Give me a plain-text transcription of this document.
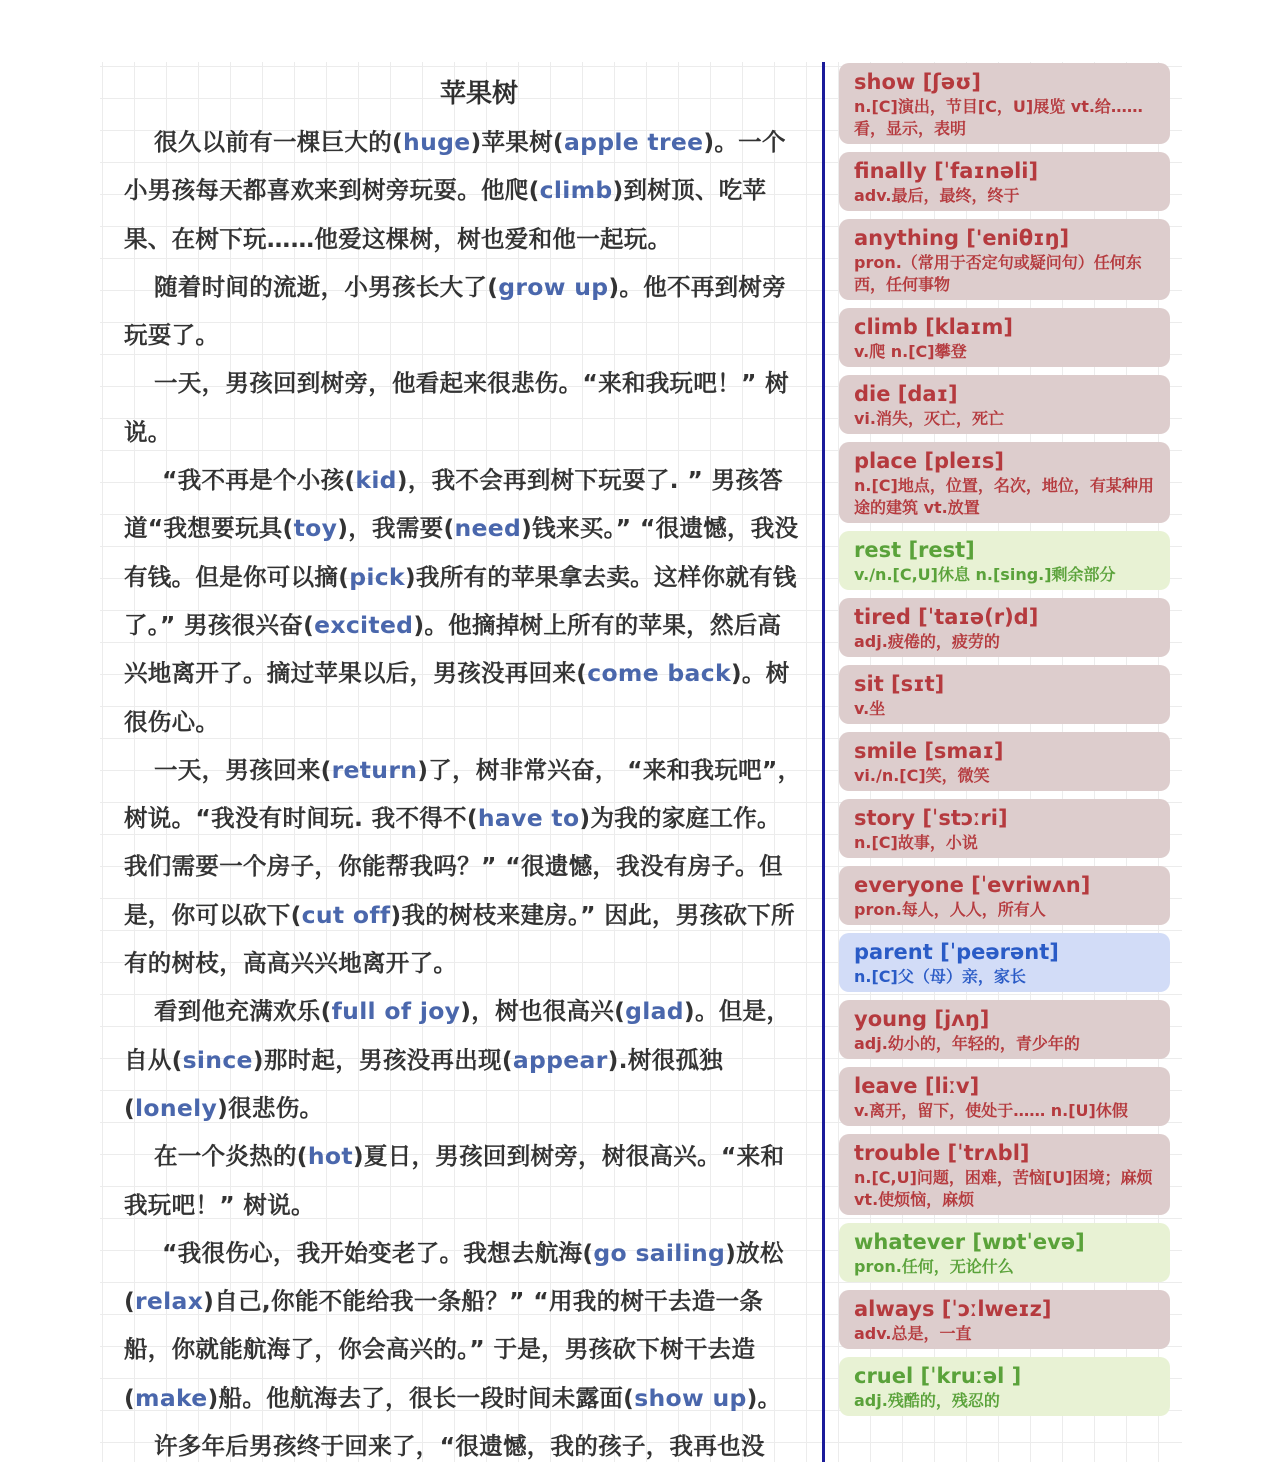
苹果树

很久以前有一棵巨大的(huge)苹果树(apple tree)。一个小男孩每天都喜欢来到树旁玩耍。他爬(climb)到树顶、吃苹果、在树下玩……他爱这棵树，树也爱和他一起玩。

随着时间的流逝，小男孩长大了(grow up)。他不再到树旁玩耍了。

一天，男孩回到树旁，他看起来很悲伤。“来和我玩​吧！” 树说。

“我不再是个小孩(kid)，我不会再到树下玩耍了. ” 男孩答道“我想要玩具(toy)，我需要(need)钱来买。” “很遗憾，我没有钱。但是你可以摘(pick)我所有的苹果拿去卖。这样你就有钱了。” 男孩很兴奋(excited)。他摘掉树上所有的苹果，然后高兴地离开了。摘过苹果以后，男孩没再回来(come back)。树很伤心。

一天，男孩回来(return)了，树非常兴奋， “来和我玩吧”，树说。“我没有时间玩. 我不得不(have to)为我的家庭工作。我们需要一个房子，你能帮我吗？” “很遗憾，我没有房子。但是，你可以砍下(cut off)我的树枝来建房。” 因此，男孩砍下所有的树枝，高高兴兴地离开了。

看到他充满欢乐(full of joy)，树也很高兴(glad)。但是，自从(since)那时起，男孩没再出现(appear).树很孤独(lonely)很悲伤。

在一个炎热的(hot)夏日，男孩回到树旁，树很高兴。“来和我玩吧！” 树说。

“我很伤心，我开始变老了。我想去航海(go sailing)放松(relax)自己,你能不能给我一条船？” “用我的树干去造一条船，你就能航海了，你会高兴的。” 于是，男孩砍下树干去造(make)船。他航海去了，很长一段时间未露面(show up)。

许多年后男孩终于回来了，“很遗憾，我的孩子，我再也没

show [ʃəʊ]
n.[C]演出，节目[C，U]展览 vt.给……看，显示，表明
finally [ˈfaɪnəli]
adv.最后，最终，终于
anything ['eniθɪŋ]
pron.（常用于否定句或疑问句）任何东西，任何事物
climb [klaɪm]
v.爬 n.[C]攀登
die [daɪ]
vi.消失，灭亡，死亡
place [pleɪs]
n.[C]地点，位置，名次，地位，有某种用途的建筑 vt.放置
rest [rest]
v./n.[C,U]休息 n.[sing.]剩余部分
tired [ˈtaɪə(r)d]
adj.疲倦的，疲劳的
sit [sɪt]
v.坐
smile [smaɪ]
vi./n.[C]笑，微笑
story [ˈstɔːri]
n.[C]故事，小说
everyone [ˈevriwʌn]
pron.每人，人人，所有人
parent [ˈpeərənt]
n.[C]父（母）亲，家长
young [jʌŋ]
adj.幼小的，年轻的，青少年的
leave [liːv]
v.离开，留下，使处于…… n.[U]休假
trouble [ˈtrʌbl]
n.[C,U]问题，困难，苦恼[U]困境；麻烦 vt.使烦恼，麻烦
whatever [wɒtˈevə]
pron.任何，无论什么
always [ˈɔːlweɪz]
adv.总是，一直
cruel [ˈkruːəl ]
adj.残酷的，残忍的
